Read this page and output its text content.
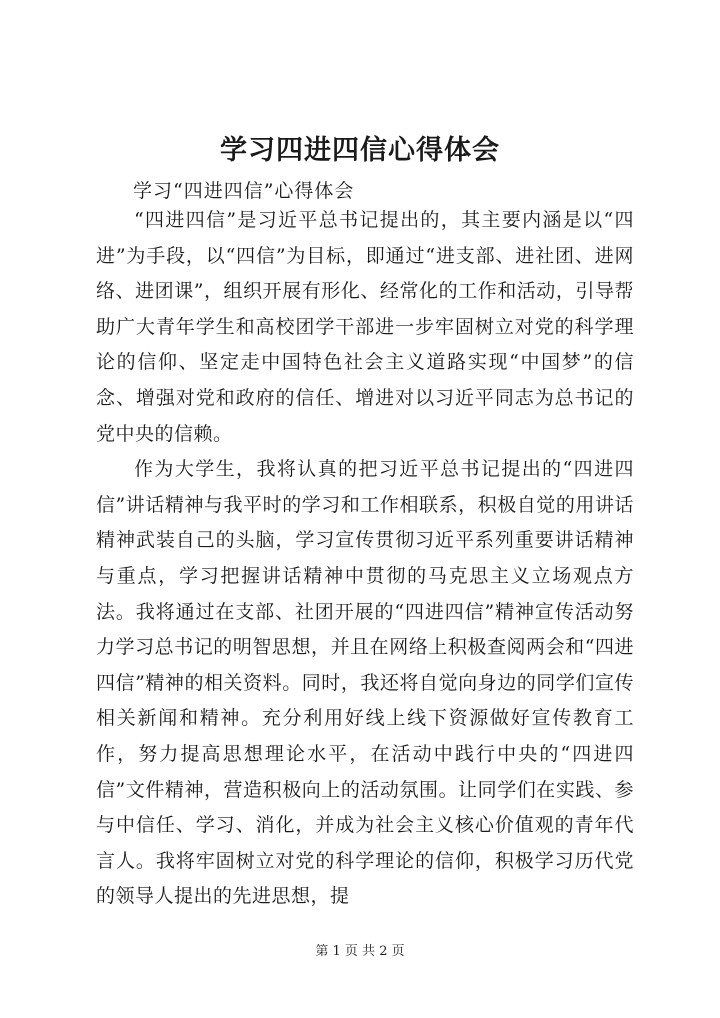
学习四进四信心得体会

学习“四进四信”心得体会

“四进四信”是习近平总书记提出的，其主要内涵是以“四进”为手段，以“四信”为目标，即通过“进支部、进社团、进网络、进团课”，组织开展有形化、经常化的工作和活动，引导帮助广大青年学生和高校团学干部进一步牢固树立对党的科学理论的信仰、坚定走中国特色社会主义道路实现“中国梦”的信念、增强对党和政府的信任、增进对以习近平同志为总书记的党中央的信赖。

作为大学生，我将认真的把习近平总书记提出的“四进四信”讲话精神与我平时的学习和工作相联系，积极自觉的用讲话精神武装自己的头脑，学习宣传贯彻习近平系列重要讲话精神与重点，学习把握讲话精神中贯彻的马克思主义立场观点方法。我将通过在支部、社团开展的“四进四信”精神宣传活动努力学习总书记的明智思想，并且在网络上积极查阅两会和“四进四信”精神的相关资料。同时，我还将自觉向身边的同学们宣传相关新闻和精神。充分利用好线上线下资源做好宣传教育工作，努力提高思想理论水平，在活动中践行中央的“四进四信”文件精神，营造积极向上的活动氛围。让同学们在实践、参与中信任、学习、消化，并成为社会主义核心价值观的青年代言人。我将牢固树立对党的科学理论的信仰，积极学习历代党的领导人提出的先进思想，提

第 1 页 共 2 页
